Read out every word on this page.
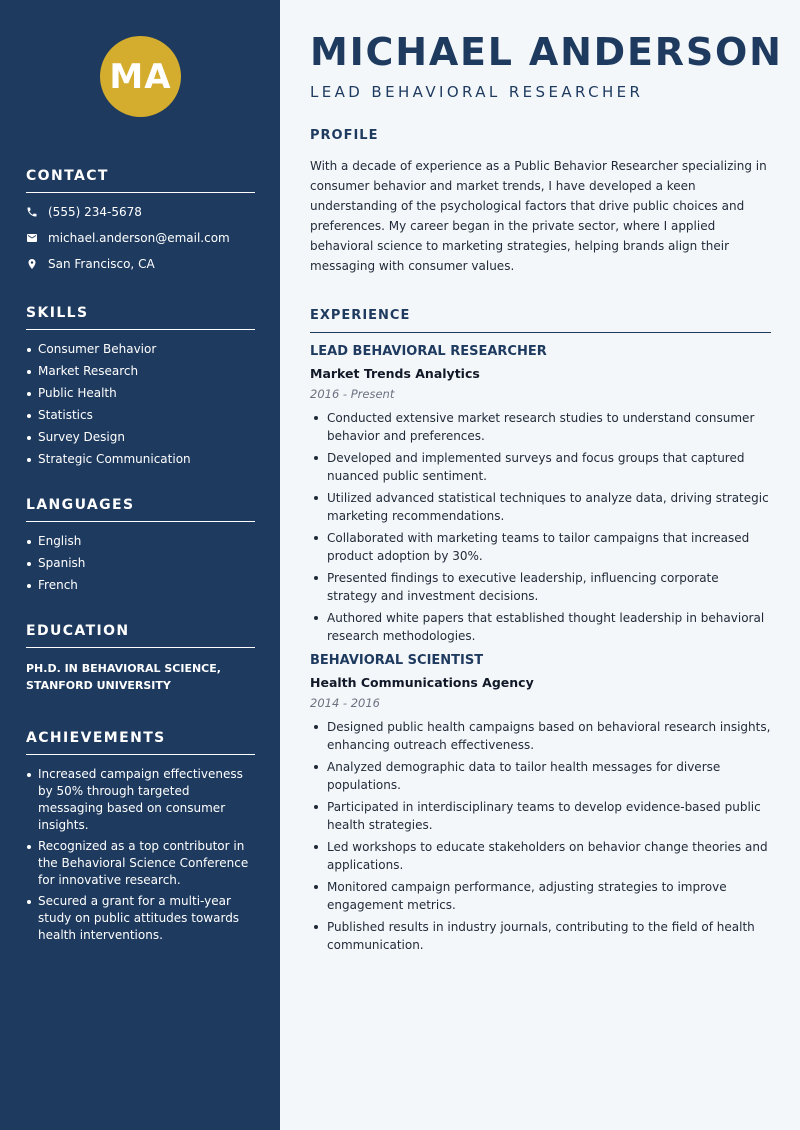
MA
CONTACT
(555) 234-5678
michael.anderson@email.com
San Francisco, CA
SKILLS
Consumer Behavior
Market Research
Public Health
Statistics
Survey Design
Strategic Communication
LANGUAGES
English
Spanish
French
EDUCATION
PH.D. IN BEHAVIORAL SCIENCE, STANFORD UNIVERSITY
ACHIEVEMENTS
Increased campaign effectiveness by 50% through targeted messaging based on consumer insights.
Recognized as a top contributor in the Behavioral Science Conference for innovative research.
Secured a grant for a multi-year study on public attitudes towards health interventions.
MICHAEL ANDERSON
LEAD BEHAVIORAL RESEARCHER
PROFILE
With a decade of experience as a Public Behavior Researcher specializing in consumer behavior and market trends, I have developed a keen understanding of the psychological factors that drive public choices and preferences. My career began in the private sector, where I applied behavioral science to marketing strategies, helping brands align their messaging with consumer values.
EXPERIENCE
LEAD BEHAVIORAL RESEARCHER
Market Trends Analytics
2016 - Present
Conducted extensive market research studies to understand consumer behavior and preferences.
Developed and implemented surveys and focus groups that captured nuanced public sentiment.
Utilized advanced statistical techniques to analyze data, driving strategic marketing recommendations.
Collaborated with marketing teams to tailor campaigns that increased product adoption by 30%.
Presented findings to executive leadership, influencing corporate strategy and investment decisions.
Authored white papers that established thought leadership in behavioral research methodologies.
BEHAVIORAL SCIENTIST
Health Communications Agency
2014 - 2016
Designed public health campaigns based on behavioral research insights, enhancing outreach effectiveness.
Analyzed demographic data to tailor health messages for diverse populations.
Participated in interdisciplinary teams to develop evidence-based public health strategies.
Led workshops to educate stakeholders on behavior change theories and applications.
Monitored campaign performance, adjusting strategies to improve engagement metrics.
Published results in industry journals, contributing to the field of health communication.
